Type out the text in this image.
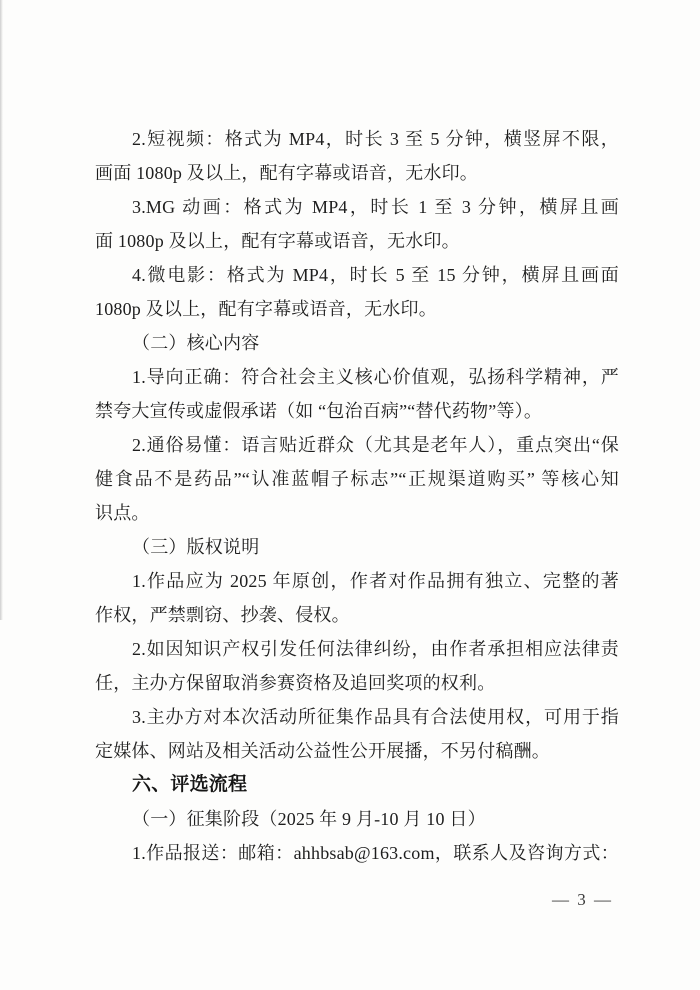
2.短视频：格式为 MP4，时长 3 至 5 分钟，横竖屏不限，
画面 1080p 及以上，配有字幕或语音，无水印。
3.MG 动画：格式为 MP4，时长 1 至 3 分钟，横屏且画
面 1080p 及以上，配有字幕或语音，无水印。
4.微电影：格式为 MP4，时长 5 至 15 分钟，横屏且画面
1080p 及以上，配有字幕或语音，无水印。
（二）核心内容
1.导向正确：符合社会主义核心价值观，弘扬科学精神，严
禁夸大宣传或虚假承诺（如 “包治百病”“替代药物”等）。
2.通俗易懂：语言贴近群众（尤其是老年人），重点突出“保
健食品不是药品”“认准蓝帽子标志”“正规渠道购买” 等核心知
识点。
（三）版权说明
1.作品应为 2025 年原创，作者对作品拥有独立、完整的著
作权，严禁剽窃、抄袭、侵权。
2.如因知识产权引发任何法律纠纷，由作者承担相应法律责
任，主办方保留取消参赛资格及追回奖项的权利。
3.主办方对本次活动所征集作品具有合法使用权，可用于指
定媒体、网站及相关活动公益性公开展播，不另付稿酬。
六、评选流程
（一）征集阶段（2025 年 9 月-10 月 10 日）
1.作品报送：邮箱：ahhbsab@163.com，联系人及咨询方式：
— 3 —
